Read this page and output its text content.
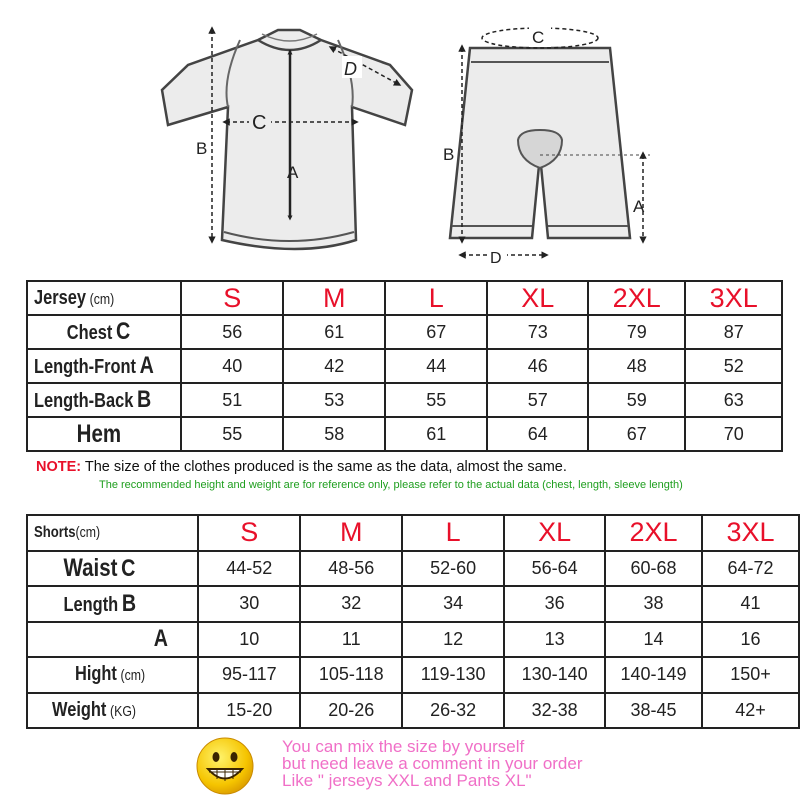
B
C
A
D
C
B
A
D
Jersey (cm)	S	M	L	XL	2XL	3XL
Chest C	56	61	67	73	79	87
Length-Front A	40	42	44	46	48	52
Length-Back B	51	53	55	57	59	63
Hem	55	58	61	64	67	70
NOTE: The size of the clothes produced is the same as the data, almost the same.
The recommended height and weight are for reference only, please refer to the actual data (chest, length, sleeve length)
Shorts(cm)	S	M	L	XL	2XL	3XL
Waist C	44-52	48-56	52-60	56-64	60-68	64-72
Length B	30	32	34	36	38	41
A	10	11	12	13	14	16
Hight (cm)	95-117	105-118	119-130	130-140	140-149	150+
Weight (KG)	15-20	20-26	26-32	32-38	38-45	42+
You can mix the size by yourself
but need leave a comment in your order
Like " jerseys XXL and Pants XL"
